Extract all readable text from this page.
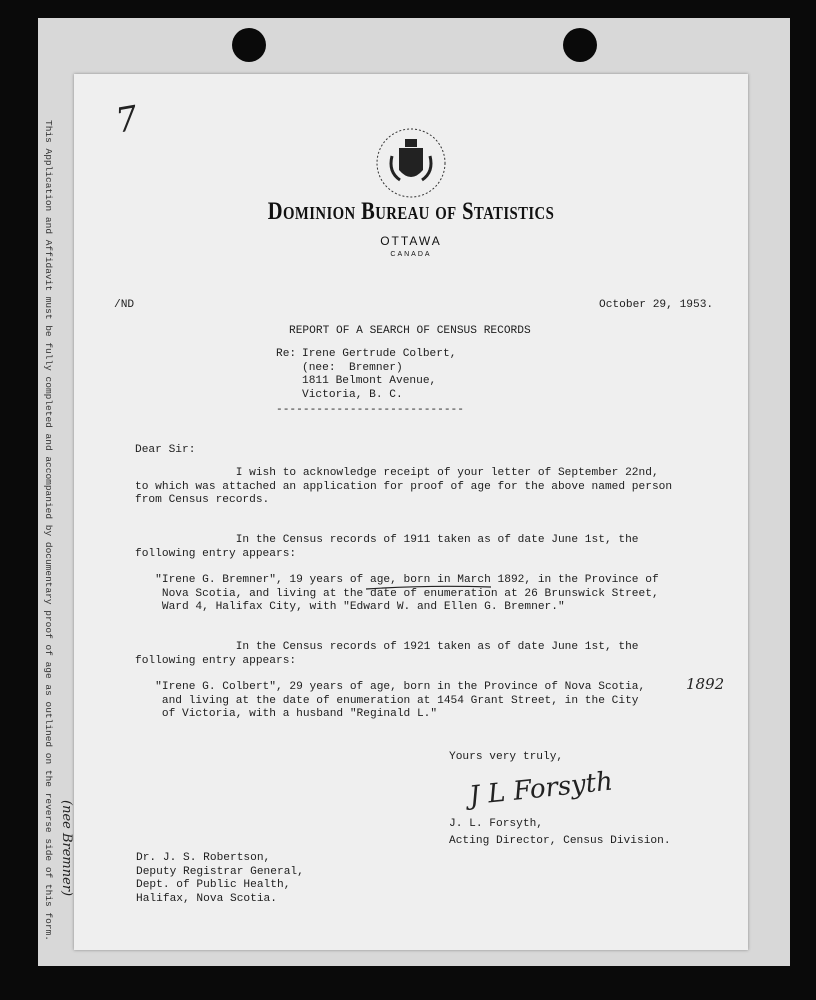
This Application and Affidavit must be fully completed and accompanied by documentary proof of age as outlined on the reverse side of this form. (nee Bremner)
7
Dominion Bureau of Statistics
OTTAWA
CANADA
/ND	October 29, 1953.
REPORT OF A SEARCH OF CENSUS RECORDS
Re: Irene Gertrude Colbert,
(nee:  Bremner)
1811 Belmont Avenue,
Victoria, B. C.
----------------------------
Dear Sir:
I wish to acknowledge receipt of your letter of September 22nd,
to which was attached an application for proof of age for the above named person
from Census records.
In the Census records of 1911 taken as of date June 1st, the
following entry appears:
"Irene G. Bremner", 19 years of age, born in March 1892, in the Province of
Nova Scotia, and living at the date of enumeration at 26 Brunswick Street,
Ward 4, Halifax City, with "Edward W. and Ellen G. Bremner."
In the Census records of 1921 taken as of date June 1st, the
following entry appears:
"Irene G. Colbert", 29 years of age, born in the Province of Nova Scotia,
and living at the date of enumeration at 1454 Grant Street, in the City
of Victoria, with a husband "Reginald L."
1892
Yours very truly,
J L Forsyth
J. L. Forsyth,
Acting Director, Census Division.
Dr. J. S. Robertson,
Deputy Registrar General,
Dept. of Public Health,
Halifax, Nova Scotia.
